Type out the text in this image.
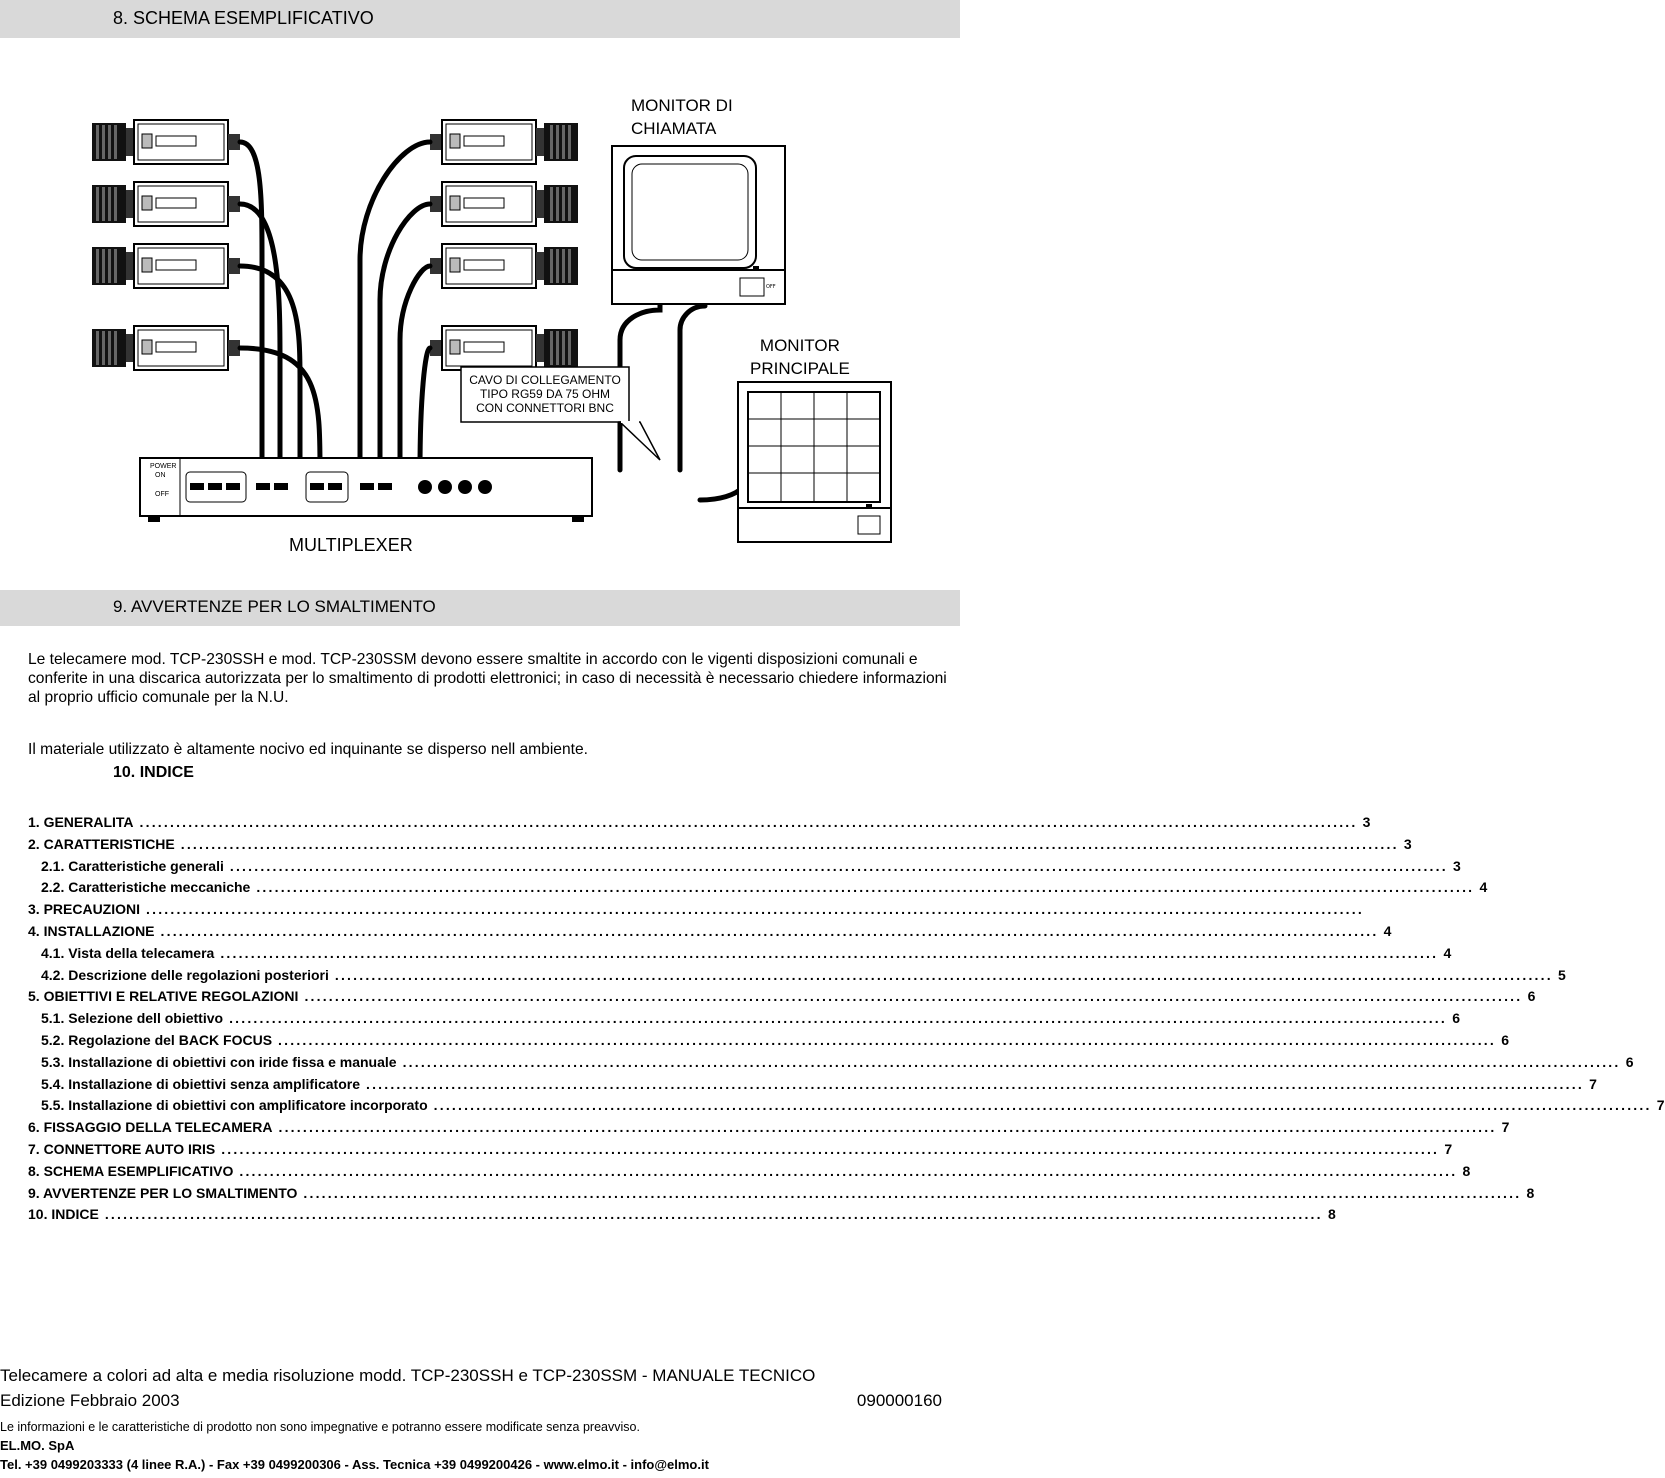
8. SCHEMA ESEMPLIFICATIVO
OFF
MONITOR DI
CHIAMATA
MONITOR
PRINCIPALE
CAVO DI COLLEGAMENTO
TIPO RG59 DA 75 OHM
CON CONNETTORI BNC
POWER
ON
OFF
MULTIPLEXER
9. AVVERTENZE PER LO SMALTIMENTO
Le telecamere mod. TCP-230SSH e mod. TCP-230SSM devono essere smaltite in accordo con le vigenti disposizioni comunali e conferite in una discarica autorizzata per lo smaltimento di prodotti elettronici; in caso di necessità è necessario chiedere informazioni al proprio ufficio comunale per la N.U.
Il materiale utilizzato è altamente nocivo ed inquinante se disperso nell ambiente.
10. INDICE
1. GENERALITA ........................................................................................................................................................................................................ 3
2. CARATTERISTICHE ........................................................................................................................................................................................................ 3
2.1. Caratteristiche generali ........................................................................................................................................................................................................ 3
2.2. Caratteristiche meccaniche ........................................................................................................................................................................................................ 4
3. PRECAUZIONI ........................................................................................................................................................................................................
4. INSTALLAZIONE ........................................................................................................................................................................................................ 4
4.1. Vista della telecamera ........................................................................................................................................................................................................ 4
4.2. Descrizione delle regolazioni posteriori ........................................................................................................................................................................................................ 5
5. OBIETTIVI E RELATIVE REGOLAZIONI ........................................................................................................................................................................................................ 6
5.1. Selezione dell obiettivo ........................................................................................................................................................................................................ 6
5.2. Regolazione del BACK FOCUS ........................................................................................................................................................................................................ 6
5.3. Installazione di obiettivi con iride fissa e manuale ........................................................................................................................................................................................................ 6
5.4. Installazione di obiettivi senza amplificatore ........................................................................................................................................................................................................ 7
5.5. Installazione di obiettivi con amplificatore incorporato ........................................................................................................................................................................................................ 7
6. FISSAGGIO DELLA TELECAMERA ........................................................................................................................................................................................................ 7
7. CONNETTORE AUTO IRIS ........................................................................................................................................................................................................ 7
8. SCHEMA ESEMPLIFICATIVO ........................................................................................................................................................................................................ 8
9. AVVERTENZE PER LO SMALTIMENTO ........................................................................................................................................................................................................ 8
10. INDICE ........................................................................................................................................................................................................ 8
Telecamere a colori ad alta e media risoluzione modd. TCP-230SSH e TCP-230SSM - MANUALE TECNICO
Edizione Febbraio 2003	090000160
Le informazioni e le caratteristiche di prodotto non sono impegnative e potranno essere modificate senza preavviso.
EL.MO. SpA
Tel. +39 0499203333 (4 linee R.A.) - Fax +39 0499200306 - Ass. Tecnica +39 0499200426 - www.elmo.it - info@elmo.it
